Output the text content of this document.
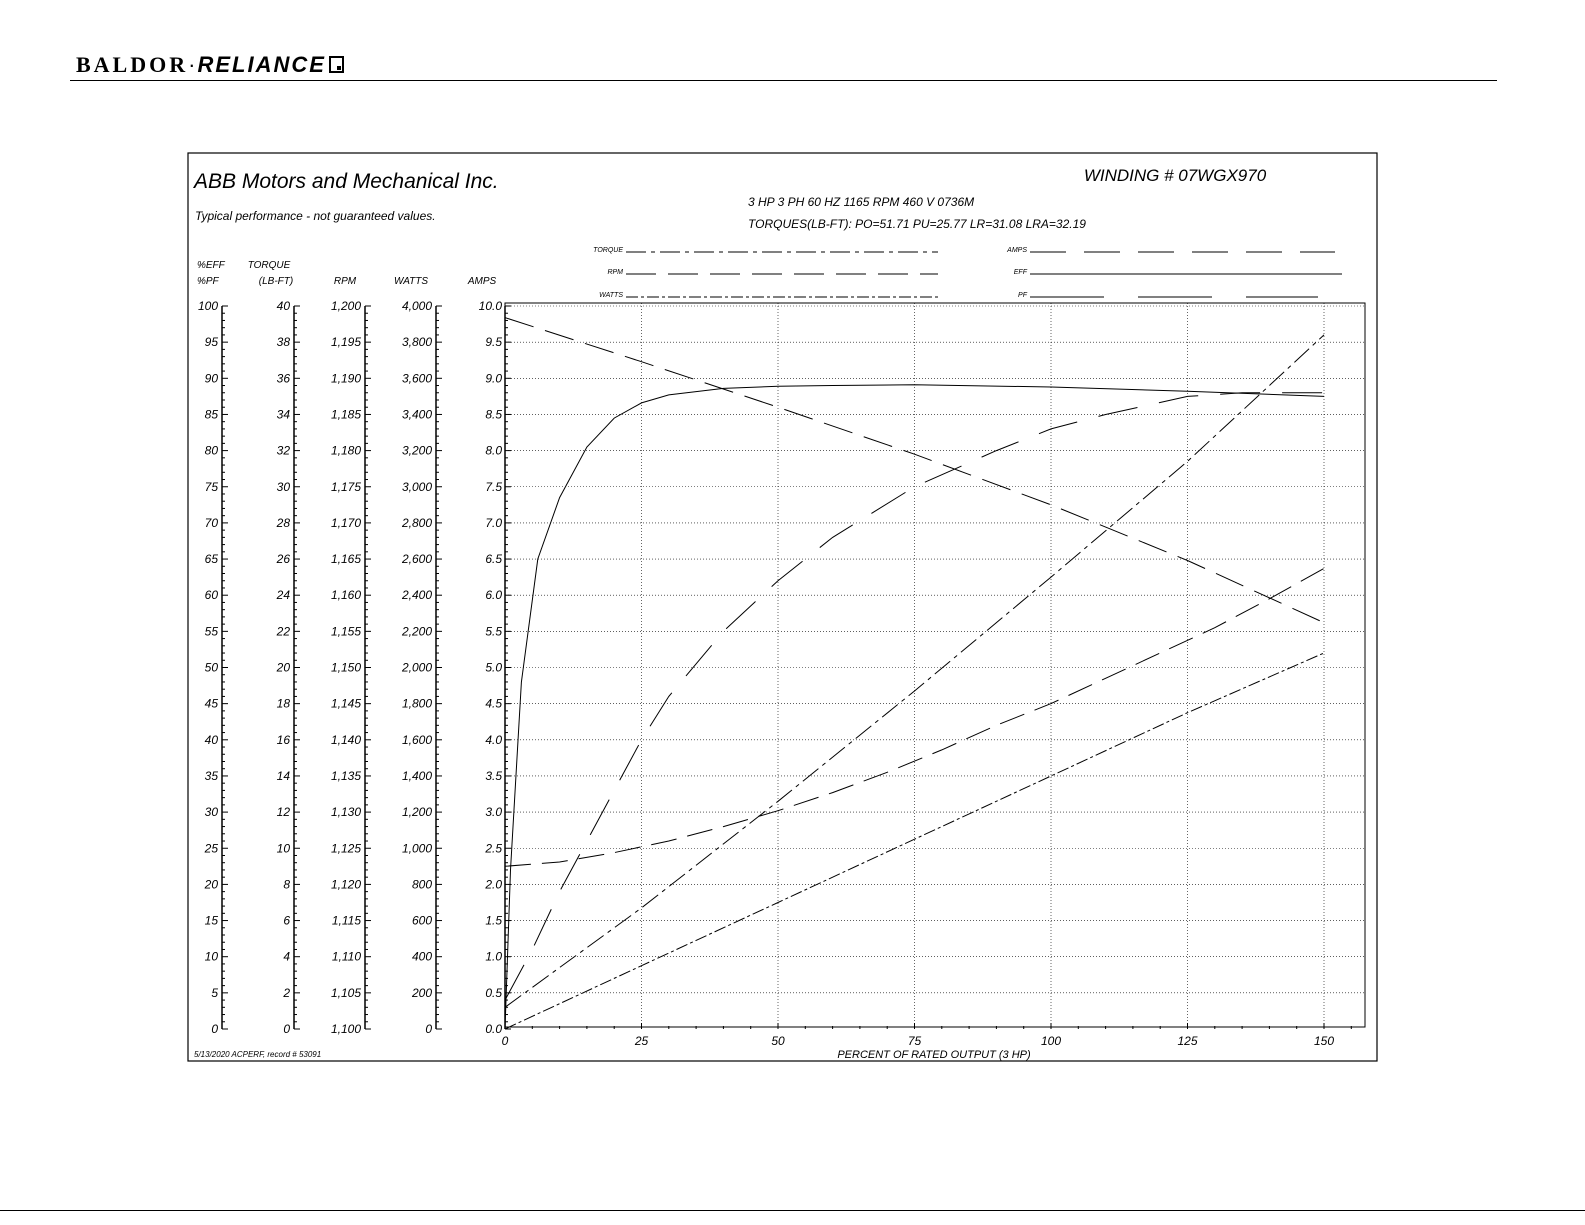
BALDOR·RELIANCE
ABB Motors and Mechanical Inc.
Typical performance - not guaranteed values.
WINDING # 07WGX970
3 HP 3 PH 60 HZ 1165 RPM 460 V 0736M
TORQUES(LB-FT): PO=51.71 PU=25.77 LR=31.08 LRA=32.19
5/13/2020 ACPERF, record # 53091	PERCENT OF RATED OUTPUT (3 HP)
0
5
10
15
20
25
30
35
40
45
50
55
60
65
70
75
80
85
90
95
100
%EFF
%PF
0
2
4
6
8
10
12
14
16
18
20
22
24
26
28
30
32
34
36
38
40
TORQUE
(LB-FT)
1,100
1,105
1,110
1,115
1,120
1,125
1,130
1,135
1,140
1,145
1,150
1,155
1,160
1,165
1,170
1,175
1,180
1,185
1,190
1,195
1,200
RPM
0
200
400
600
800
1,000
1,200
1,400
1,600
1,800
2,000
2,200
2,400
2,600
2,800
3,000
3,200
3,400
3,600
3,800
4,000
WATTS
0.0
0.5
1.0
1.5
2.0
2.5
3.0
3.5
4.0
4.5
5.0
5.5
6.0
6.5
7.0
7.5
8.0
8.5
9.0
9.5
10.0
AMPS
0	25	50	75	100	125	150
TORQUE
RPM
WATTS
AMPS
EFF
PF
